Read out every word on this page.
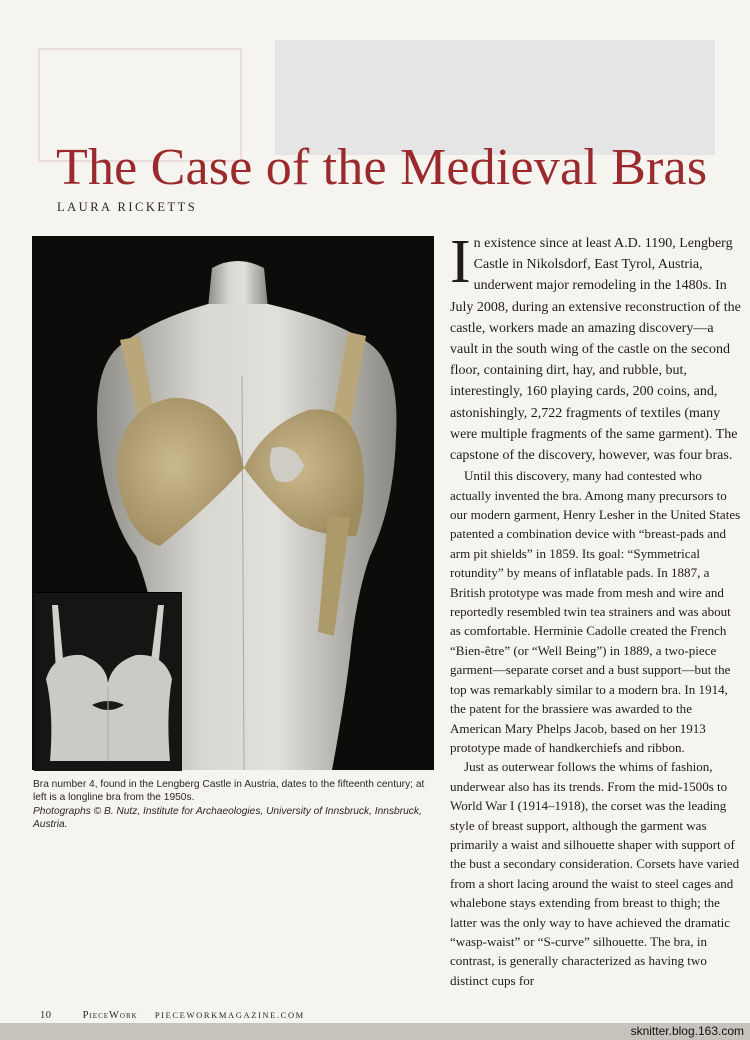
The Case of the Medieval Bras
LAURA RICKETTS
Bra number 4, found in the Lengberg Castle in Austria, dates to the fifteenth century; at left is a longline bra from the 1950s.
Photographs © B. Nutz, Institute for Archaeologies, University of Innsbruck, Innsbruck, Austria.

In existence since at least A.D. 1190, Lengberg Castle in Nikolsdorf, East Tyrol, Austria, underwent major remodeling in the 1480s. In July 2008, during an extensive reconstruction of the castle, workers made an amazing discovery—a vault in the south wing of the castle on the second floor, containing dirt, hay, and rubble, but, interestingly, 160 playing cards, 200 coins, and, astonishingly, 2,722 fragments of textiles (many were multiple fragments of the same garment). The capstone of the discovery, however, was four bras.

Until this discovery, many had contested who actually invented the bra. Among many precursors to our modern garment, Henry Lesher in the United States patented a combination device with “breast-pads and arm pit shields” in 1859. Its goal: “Symmetrical rotundity” by means of inflatable pads. In 1887, a British prototype was made from mesh and wire and reportedly resembled twin tea strainers and was about as comfortable. Herminie Cadolle created the French “Bien-être” (or “Well Being”) in 1889, a two-piece garment—separate corset and a bust support—but the top was remarkably similar to a modern bra. In 1914, the patent for the brassiere was awarded to the American Mary Phelps Jacob, based on her 1913 prototype made of handkerchiefs and ribbon.

Just as outerwear follows the whims of fashion, underwear also has its trends. From the mid-1500s to World War I (1914–1918), the corset was the leading style of breast support, although the garment was primarily a waist and silhouette shaper with support of the bust a secondary consideration. Corsets have varied from a short lacing around the waist to steel cages and whalebone stays extending from breast to thigh; the latter was the only way to have achieved the dramatic “wasp-waist” or “S-curve” silhouette. The bra, in contrast, is generally characterized as having two distinct cups for

10	PieceWork PIECEWORKMAGAZINE.COM
sknitter.blog.163.com
